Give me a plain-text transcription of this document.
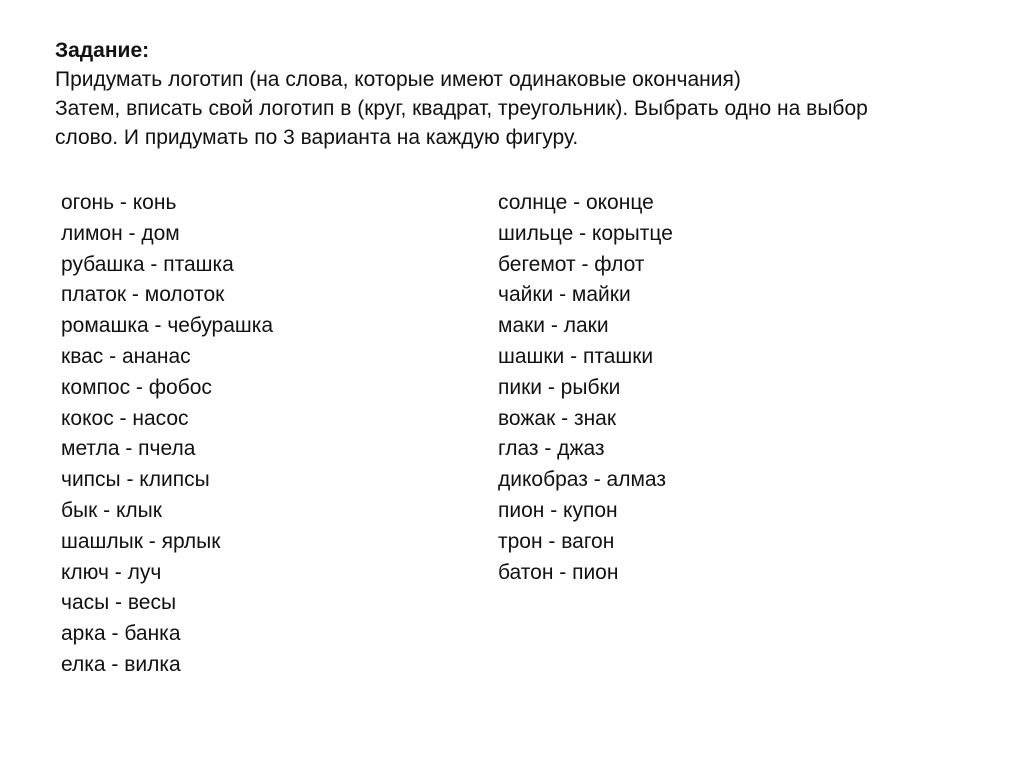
Задание:
Придумать логотип (на слова, которые имеют одинаковые окончания)
Затем, вписать свой логотип в (круг, квадрат, треугольник). Выбрать одно на выбор
слово. И придумать по 3 варианта на каждую фигуру.
огонь - конь
лимон - дом
рубашка - пташка
платок - молоток
ромашка - чебурашка
квас - ананас
компос - фобос
кокос - насос
метла - пчела
чипсы - клипсы
бык - клык
шашлык - ярлык
ключ - луч
часы - весы
арка - банка
елка - вилка
солнце - оконце
шильце - корытце
бегемот - флот
чайки - майки
маки - лаки
шашки - пташки
пики - рыбки
вожак - знак
глаз - джаз
дикобраз - алмаз
пион - купон
трон - вагон
батон - пион
